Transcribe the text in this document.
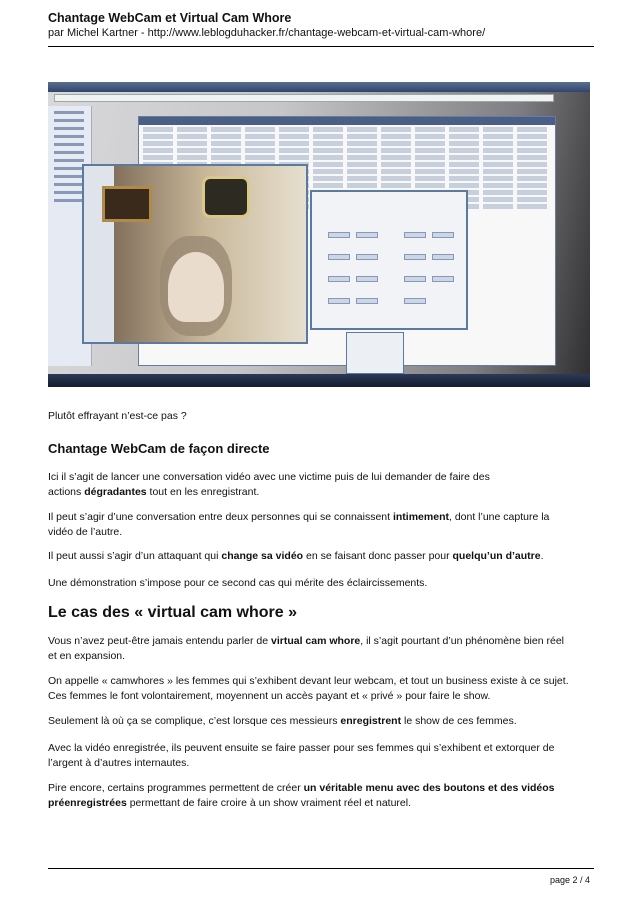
Chantage WebCam et Virtual Cam Whore
par Michel Kartner - http://www.leblogduhacker.fr/chantage-webcam-et-virtual-cam-whore/
Plutôt effrayant n’est-ce pas ?
Chantage WebCam de façon directe
Ici il s’agit de lancer une conversation vidéo avec une victime puis de lui demander de faire des
actions dégradantes tout en les enregistrant.
Il peut s’agir d’une conversation entre deux personnes qui se connaissent intimement, dont l’une capture la
vidéo de l’autre.
Il peut aussi s’agir d’un attaquant qui change sa vidéo en se faisant donc passer pour quelqu’un d’autre.
Une démonstration s’impose pour ce second cas qui mérite des éclaircissements.
Le cas des « virtual cam whore »
Vous n’avez peut-être jamais entendu parler de virtual cam whore, il s’agit pourtant d’un phénomène bien réel
et en expansion.
On appelle « camwhores » les femmes qui s’exhibent devant leur webcam, et tout un business existe à ce sujet.
Ces femmes le font volontairement, moyennent un accès payant et « privé » pour faire le show.
Seulement là où ça se complique, c’est lorsque ces messieurs enregistrent le show de ces femmes.
Avec la vidéo enregistrée, ils peuvent ensuite se faire passer pour ses femmes qui s’exhibent et extorquer de
l’argent à d’autres internautes.
Pire encore, certains programmes permettent de créer un véritable menu avec des boutons et des vidéos
préenregistrées permettant de faire croire à un show vraiment réel et naturel.
page 2 / 4
